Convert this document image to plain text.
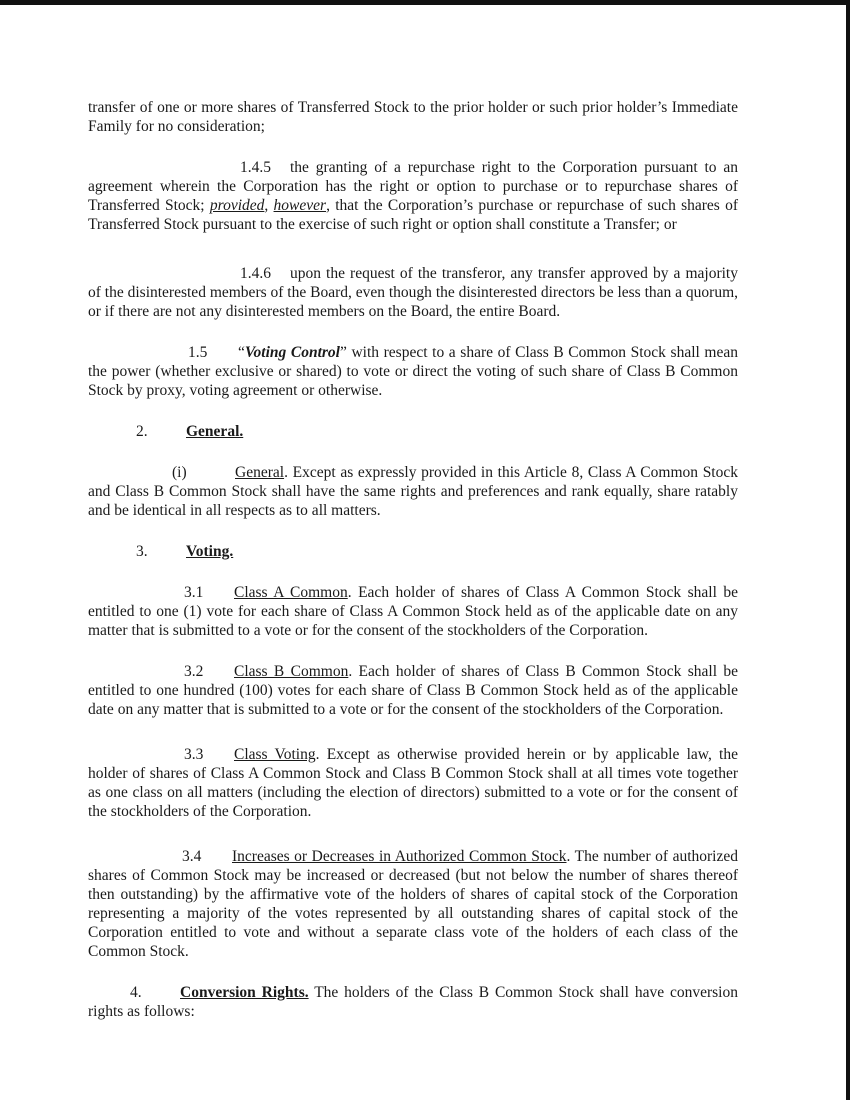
transfer of one or more shares of Transferred Stock to the prior holder or such prior holder’s Immediate Family for no consideration;

1.4.5 the granting of a repurchase right to the Corporation pursuant to an agreement wherein the Corporation has the right or option to purchase or to repurchase shares of Transferred Stock; provided, however, that the Corporation’s purchase or repurchase of such shares of Transferred Stock pursuant to the exercise of such right or option shall constitute a Transfer; or

1.4.6 upon the request of the transferor, any transfer approved by a majority of the disinterested members of the Board, even though the disinterested directors be less than a quorum, or if there are not any disinterested members on the Board, the entire Board.

1.5 “Voting Control” with respect to a share of Class B Common Stock shall mean the power (whether exclusive or shared) to vote or direct the voting of such share of Class B Common Stock by proxy, voting agreement or otherwise.

2. General.

(i)	General. Except as expressly provided in this Article 8, Class A Common Stock and Class B Common Stock shall have the same rights and preferences and rank equally, share ratably and be identical in all respects as to all matters.

3. Voting.

3.1 Class A Common. Each holder of shares of Class A Common Stock shall be entitled to one (1) vote for each share of Class A Common Stock held as of the applicable date on any matter that is submitted to a vote or for the consent of the stockholders of the Corporation.

3.2 Class B Common. Each holder of shares of Class B Common Stock shall be entitled to one hundred (100) votes for each share of Class B Common Stock held as of the applicable date on any matter that is submitted to a vote or for the consent of the stockholders of the Corporation.

3.3 Class Voting. Except as otherwise provided herein or by applicable law, the holder of shares of Class A Common Stock and Class B Common Stock shall at all times vote together as one class on all matters (including the election of directors) submitted to a vote or for the consent of the stockholders of the Corporation.

3.4 Increases or Decreases in Authorized Common Stock. The number of authorized shares of Common Stock may be increased or decreased (but not below the number of shares thereof then outstanding) by the affirmative vote of the holders of shares of capital stock of the Corporation representing a majority of the votes represented by all outstanding shares of capital stock of the Corporation entitled to vote and without a separate class vote of the holders of each class of the Common Stock.

4. Conversion Rights. The holders of the Class B Common Stock shall have conversion rights as follows:
